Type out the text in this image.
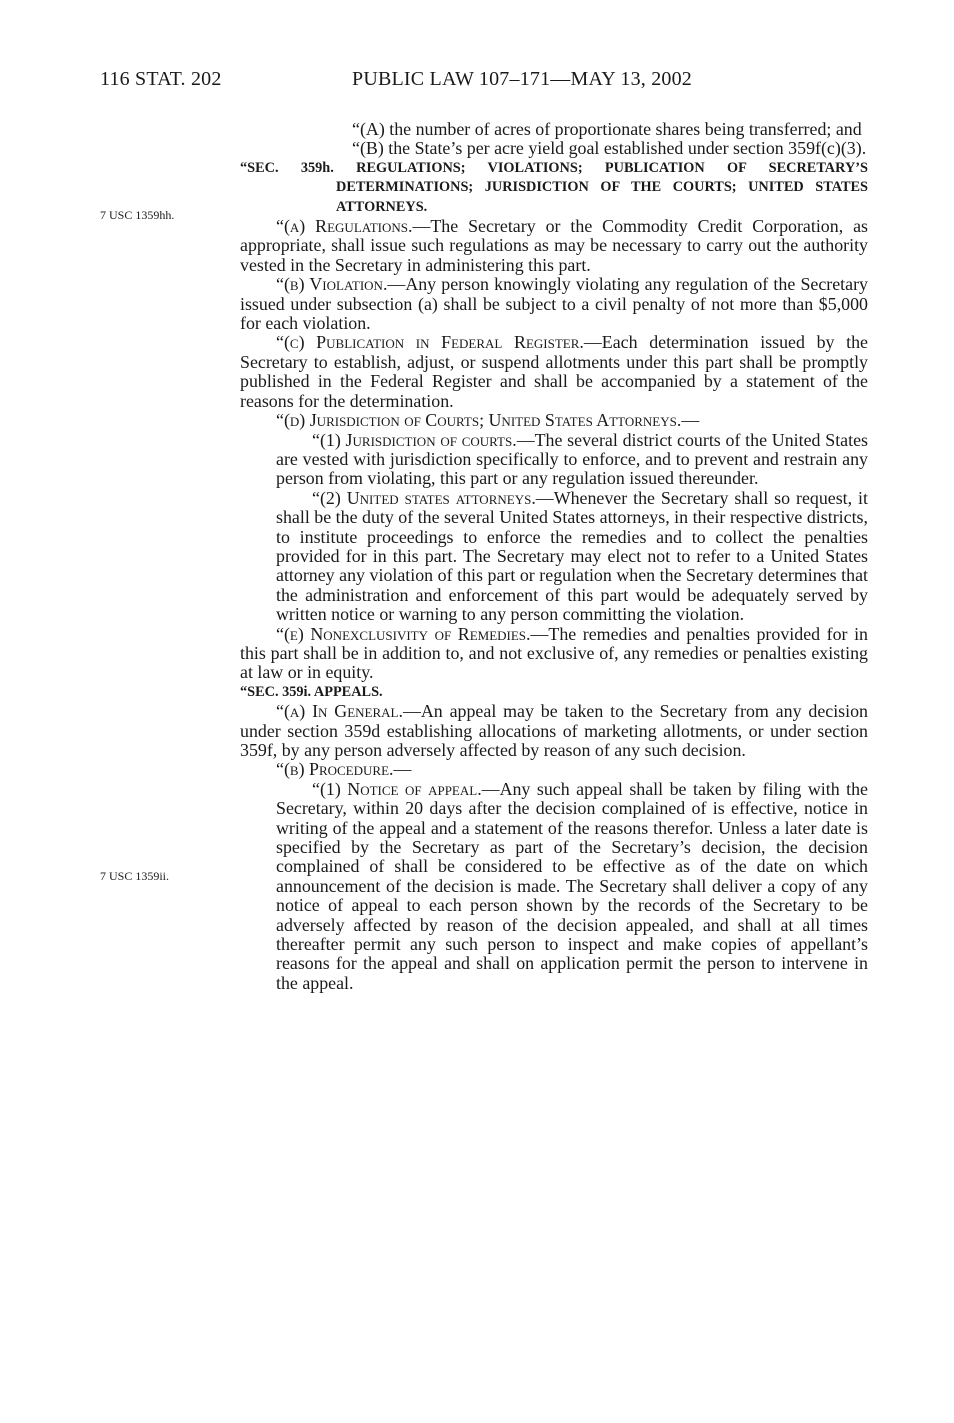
116 STAT. 202	PUBLIC LAW 107–171—MAY 13, 2002
7 USC 1359hh.
7 USC 1359ii.

“(A) the number of acres of proportionate shares being transferred; and

“(B) the State’s per acre yield goal established under section 359f(c)(3).

“SEC. 359h. REGULATIONS; VIOLATIONS; PUBLICATION OF SECRETARY’S DETERMINATIONS; JURISDICTION OF THE COURTS; UNITED STATES ATTORNEYS.

“(a) Regulations.—The Secretary or the Commodity Credit Corporation, as appropriate, shall issue such regulations as may be necessary to carry out the authority vested in the Secretary in administering this part.

“(b) Violation.—Any person knowingly violating any regulation of the Secretary issued under subsection (a) shall be subject to a civil penalty of not more than $5,000 for each violation.

“(c) Publication in Federal Register.—Each determination issued by the Secretary to establish, adjust, or suspend allotments under this part shall be promptly published in the Federal Register and shall be accompanied by a statement of the reasons for the determination.

“(d) Jurisdiction of Courts; United States Attorneys.—

“(1) Jurisdiction of courts.—The several district courts of the United States are vested with jurisdiction specifically to enforce, and to prevent and restrain any person from violating, this part or any regulation issued thereunder.

“(2) United states attorneys.—Whenever the Secretary shall so request, it shall be the duty of the several United States attorneys, in their respective districts, to institute proceedings to enforce the remedies and to collect the penalties provided for in this part. The Secretary may elect not to refer to a United States attorney any violation of this part or regulation when the Secretary determines that the administration and enforcement of this part would be adequately served by written notice or warning to any person committing the violation.

“(e) Nonexclusivity of Remedies.—The remedies and penalties provided for in this part shall be in addition to, and not exclusive of, any remedies or penalties existing at law or in equity.

“SEC. 359i. APPEALS.

“(a) In General.—An appeal may be taken to the Secretary from any decision under section 359d establishing allocations of marketing allotments, or under section 359f, by any person adversely affected by reason of any such decision.

“(b) Procedure.—

“(1) Notice of appeal.—Any such appeal shall be taken by filing with the Secretary, within 20 days after the decision complained of is effective, notice in writing of the appeal and a statement of the reasons therefor. Unless a later date is specified by the Secretary as part of the Secretary’s decision, the decision complained of shall be considered to be effective as of the date on which announcement of the decision is made. The Secretary shall deliver a copy of any notice of appeal to each person shown by the records of the Secretary to be adversely affected by reason of the decision appealed, and shall at all times thereafter permit any such person to inspect and make copies of appellant’s reasons for the appeal and shall on application permit the person to intervene in the appeal.
